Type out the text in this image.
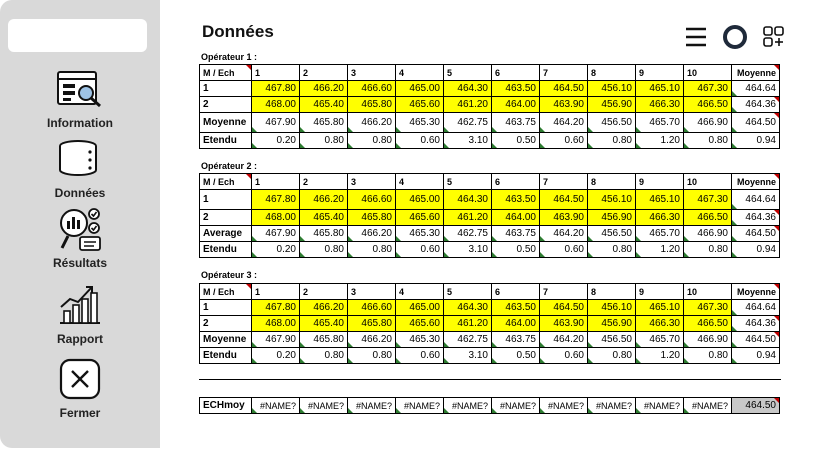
Information
Données
Résultats
Rapport
Fermer
Données
Opérateur 1 :
M / Ech	1	2	3	4	5	6	7	8	9	10	Moyenne
1	467.80	466.20	466.60	465.00	464.30	463.50	464.50	456.10	465.10	467.30	464.64
2	468.00	465.40	465.80	465.60	461.20	464.00	463.90	456.90	466.30	466.50	464.36
Moyenne	467.90	465.80	466.20	465.30	462.75	463.75	464.20	456.50	465.70	466.90	464.50
Etendu	0.20	0.80	0.80	0.60	3.10	0.50	0.60	0.80	1.20	0.80	0.94
Opérateur 2 :
M / Ech	1	2	3	4	5	6	7	8	9	10	Moyenne
1	467.80	466.20	466.60	465.00	464.30	463.50	464.50	456.10	465.10	467.30	464.64
2	468.00	465.40	465.80	465.60	461.20	464.00	463.90	456.90	466.30	466.50	464.36
Average	467.90	465.80	466.20	465.30	462.75	463.75	464.20	456.50	465.70	466.90	464.50
Etendu	0.20	0.80	0.80	0.60	3.10	0.50	0.60	0.80	1.20	0.80	0.94
Opérateur 3 :
M / Ech	1	2	3	4	5	6	7	8	9	10	Moyenne
1	467.80	466.20	466.60	465.00	464.30	463.50	464.50	456.10	465.10	467.30	464.64
2	468.00	465.40	465.80	465.60	461.20	464.00	463.90	456.90	466.30	466.50	464.36
Moyenne	467.90	465.80	466.20	465.30	462.75	463.75	464.20	456.50	465.70	466.90	464.50
Etendu	0.20	0.80	0.80	0.60	3.10	0.50	0.60	0.80	1.20	0.80	0.94
ECHmoy	#NAME?	#NAME?	#NAME?	#NAME?	#NAME?	#NAME?	#NAME?	#NAME?	#NAME?	#NAME?	464.50
